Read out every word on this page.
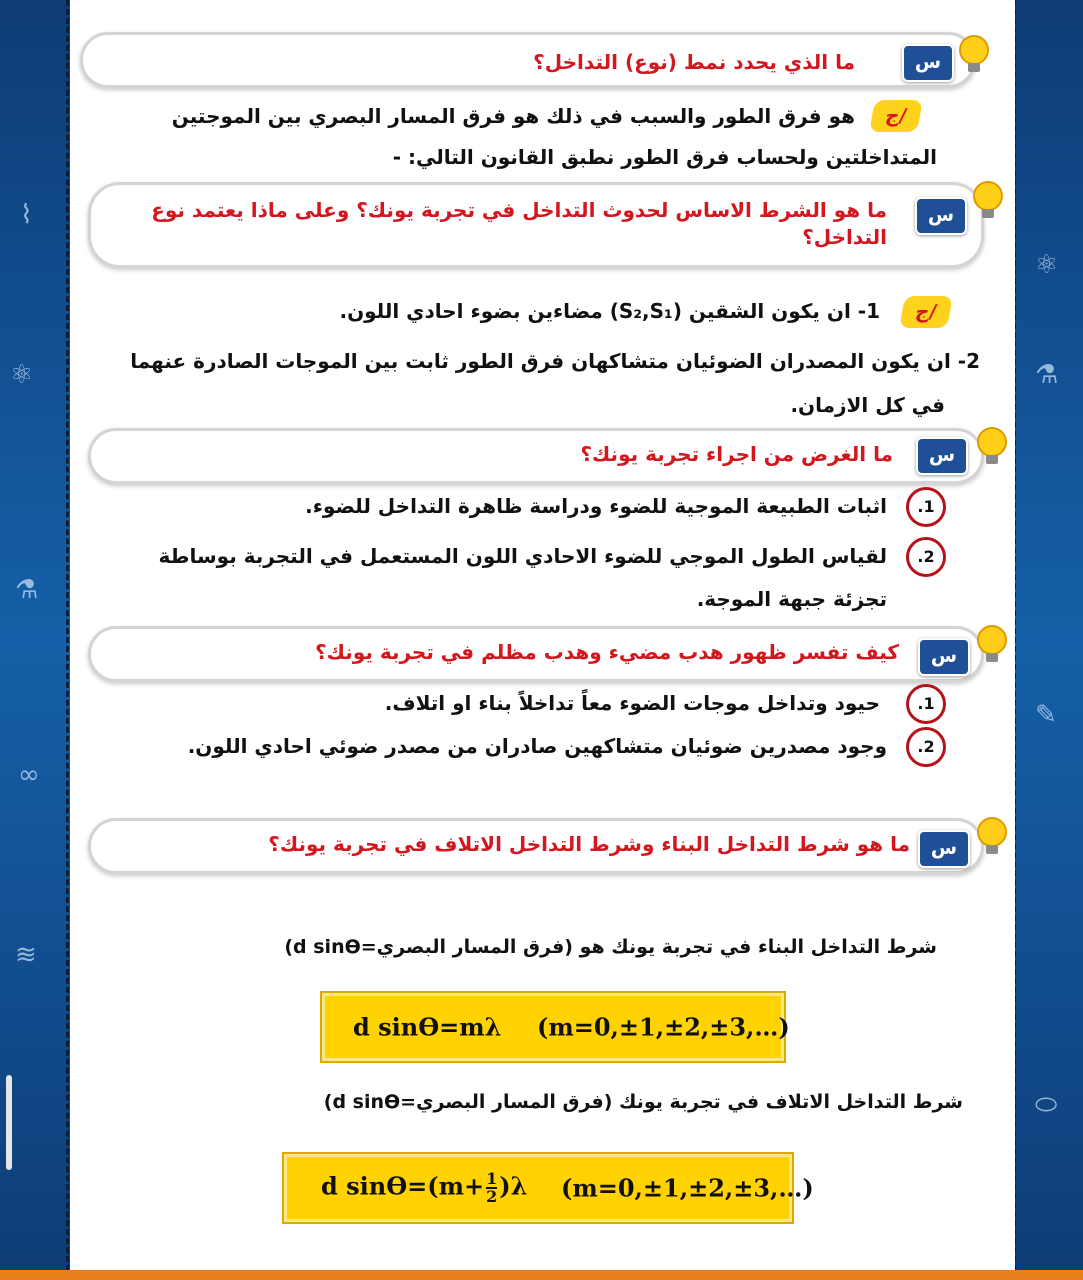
⌇
⚛
⚗
∞
≋
⚛
⚗
✎
⬭
ما الذي يحدد نمط (نوع) التداخل؟	س
ج/
هو فرق الطور والسبب في ذلك هو فرق المسار البصري بين الموجتين
المتداخلتين ولحساب فرق الطور نطبق القانون التالي: -
ما هو الشرط الاساس لحدوث التداخل في تجربة يونك؟ وعلى ماذا يعتمد نوع
التداخل؟
س
ج/
1- ان يكون الشقين (S₂,S₁) مضاءين بضوء احادي اللون.
2- ان يكون المصدران الضوئيان متشاكهان فرق الطور ثابت بين الموجات الصادرة عنهما
في كل الازمان.
ما الغرض من اجراء تجربة يونك؟	س
.1
اثبات الطبيعة الموجية للضوء ودراسة ظاهرة التداخل للضوء.
.2
لقياس الطول الموجي للضوء الاحادي اللون المستعمل في التجربة بوساطة
تجزئة جبهة الموجة.
كيف تفسر ظهور هدب مضيء وهدب مظلم في تجربة يونك؟	س
.1
حيود وتداخل موجات الضوء معاً تداخلاً بناء او اتلاف.
.2
وجود مصدرين ضوئيان متشاكهين صادران من مصدر ضوئي احادي اللون.
ما هو شرط التداخل البناء وشرط التداخل الاتلاف في تجربة يونك؟	س
شرط التداخل البناء في تجربة يونك هو (فرق المسار البصري=d sinϴ)
d sinϴ=mλ (m=0,±1,±2,±3,…)
شرط التداخل الاتلاف في تجربة يونك (فرق المسار البصري=d sinϴ)
d $\sin ϴ=(m+ \frac{1}{2} )\lambda$ (m=0,±1,±2,±3,…)
